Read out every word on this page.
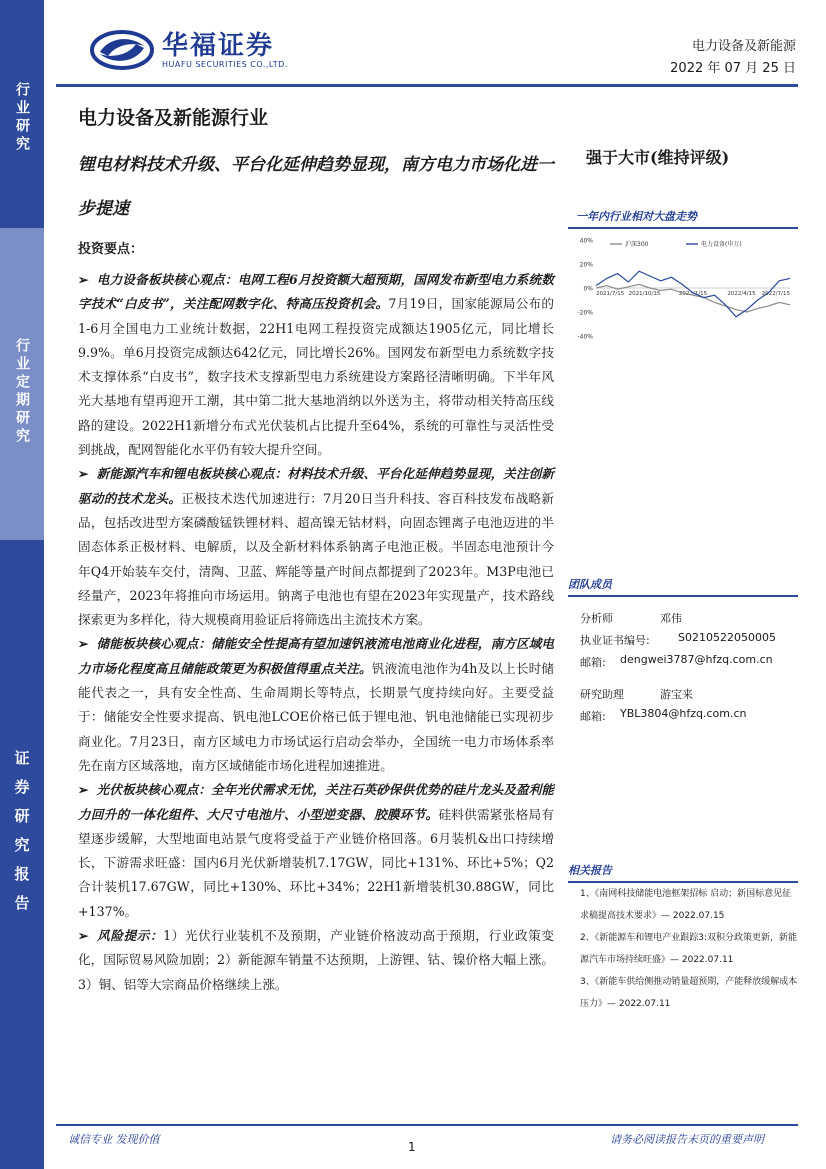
行业研究
行业定期研究
证券研究报告
华福证券
HUAFU SECURITIES CO.,LTD.
电力设备及新能源
2022 年 07 月 25 日
电力设备及新能源行业
锂电材料技术升级、平台化延伸趋势显现，南方电力市场化进一步提速
强于大市(维持评级)
一年内行业相对大盘走势
40%
20%
0%
-20%
-40%
2021/7/15 2021/10/15	2022/1/15	2022/4/15 2022/7/15
沪深300	电力设备(申万)
团队成员
分析师	邓伟
执业证书编号:	S0210522050005
邮箱: dengwei3787@hfzq.com.cn
研究助理	游宝来
邮箱: YBL3804@hfzq.com.cn
相关报告
1、《南网科技储能电池框架招标 启动；新国标意见征求稿提高技术要求》— 2022.07.15
2、《新能源车和锂电产业跟踪3:双积分政策更新，新能源汽车市场持续旺盛》— 2022.07.11
3、《新能车供给侧推动销量超预期，产能释放缓解成本压力》— 2022.07.11
投资要点：

➢ 电力设备板块核心观点：电网工程6月投资额大超预期，国网发布新型电力系统数字技术“白皮书”，关注配网数字化、特高压投资机会。7月19日，国家能源局公布的1-6月全国电力工业统计数据，22H1电网工程投资完成额达1905亿元，同比增长9.9%。单6月投资完成额达642亿元，同比增长26%。国网发布新型电力系统数字技术支撑体系“白皮书”，数字技术支撑新型电力系统建设方案路径清晰明确。下半年风光大基地有望再迎开工潮，其中第二批大基地消纳以外送为主，将带动相关特高压线路的建设。2022H1新增分布式光伏装机占比提升至64%，系统的可靠性与灵活性受到挑战，配网智能化水平仍有较大提升空间。

➢ 新能源汽车和锂电板块核心观点：材料技术升级、平台化延伸趋势显现，关注创新驱动的技术龙头。正极技术迭代加速进行：7月20日当升科技、容百科技发布战略新品，包括改进型方案磷酸锰铁锂材料、超高镍无钴材料，向固态锂离子电池迈进的半固态体系正极材料、电解质，以及全新材料体系钠离子电池正极。半固态电池预计今年Q4开始装车交付，清陶、卫蓝、辉能等量产时间点都提到了2023年。M3P电池已经量产，2023年将推向市场运用。钠离子电池也有望在2023年实现量产，技术路线探索更为多样化，待大规模商用验证后将筛选出主流技术方案。

➢ 储能板块核心观点：储能安全性提高有望加速钒液流电池商业化进程，南方区域电力市场化程度高且储能政策更为积极值得重点关注。钒液流电池作为4h及以上长时储能代表之一，具有安全性高、生命周期长等特点，长期景气度持续向好。主要受益于：储能安全性要求提高、钒电池LCOE价格已低于锂电池、钒电池储能已实现初步商业化。7月23日，南方区域电力市场试运行启动会举办，全国统一电力市场体系率先在南方区域落地，南方区域储能市场化进程加速推进。

➢ 光伏板块核心观点：全年光伏需求无忧，关注石英砂保供优势的硅片龙头及盈利能力回升的一体化组件、大尺寸电池片、小型逆变器、胶膜环节。硅料供需紧张格局有望逐步缓解，大型地面电站景气度将受益于产业链价格回落。6月装机&出口持续增长，下游需求旺盛：国内6月光伏新增装机7.17GW，同比+131%、环比+5%；Q2合计装机17.67GW，同比+130%、环比+34%；22H1新增装机30.88GW，同比+137%。

➢ 风险提示：1）光伏行业装机不及预期，产业链价格波动高于预期，行业政策变化，国际贸易风险加剧；2）新能源车销量不达预期，上游锂、钴、镍价格大幅上涨。3）铜、铝等大宗商品价格继续上涨。

诚信专业 发现价值
1
请务必阅读报告末页的重要声明
